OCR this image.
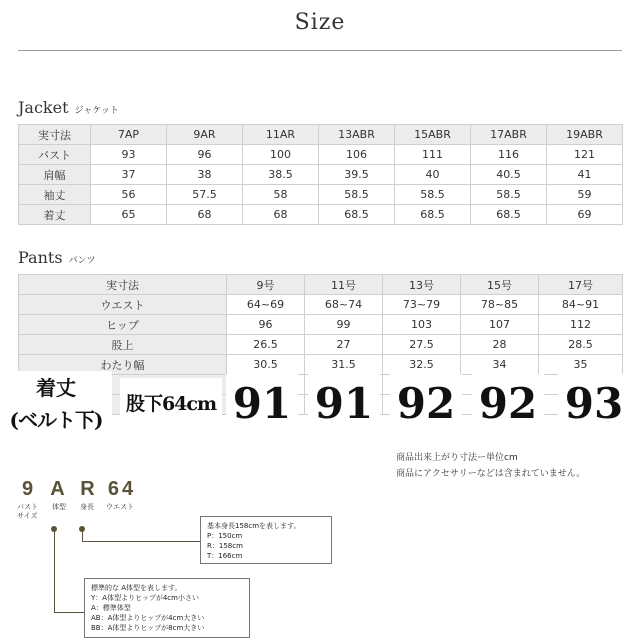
Size
Jacket ジャケット
実寸法	7AP	9AR	11AR	13ABR	15ABR	17ABR	19ABR
バスト	93	96	100	106	111	116	121
肩幅	37	38	38.5	39.5	40	40.5	41
袖丈	56	57.5	58	58.5	58.5	58.5	59
着丈	65	68	68	68.5	68.5	68.5	69
Pants パンツ
実寸法	9号	11号	13号	15号	17号
ウエスト	64~69	68~74	73~79	78~85	84~91
ヒップ	96	99	103	107	112
股上	26.5	27	27.5	28	28.5
わたり幅	30.5	31.5	32.5	34	35

着丈
(ベルト下)
股下64cm 91 91 92 92 93
商品出来上がり寸法ー単位cm
商品にアクセサリーなどは含まれていません。
9 A R 64
バスト
サイズ
体型 身長 ウエスト
基本身長158cmを表します。
P：150cm
R：158cm
T：166cm
標準的な A体型を表します。
Y：A体型よりヒップが4cm小さい
A：標準体型
AB：A体型よりヒップが4cm大きい
BB：A体型よりヒップが8cm大きい
